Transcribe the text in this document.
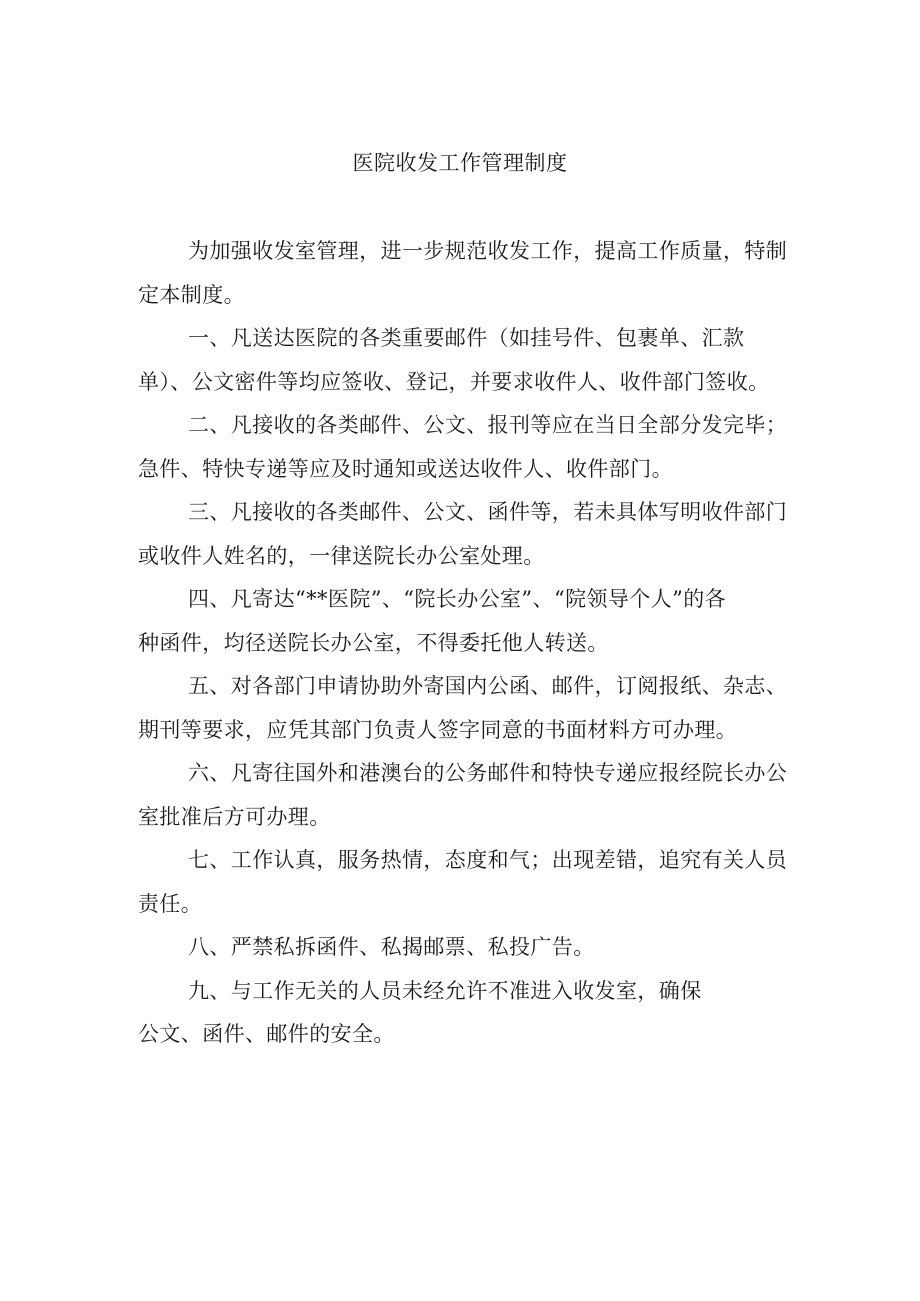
医院收发工作管理制度

为加强收发室管理，进一步规范收发工作，提高工作质量，特制
定本制度。

一、凡送达医院的各类重要邮件（如挂号件、包裹单、汇款
单）、公文密件等均应签收、登记，并要求收件人、收件部门签收。

二、凡接收的各类邮件、公文、报刊等应在当日全部分发完毕；
急件、特快专递等应及时通知或送达收件人、收件部门。

三、凡接收的各类邮件、公文、函件等，若未具体写明收件部门
或收件人姓名的，一律送院长办公室处理。

四、凡寄达“**医院”、“院长办公室”、“院领导个人”的各
种函件，均径送院长办公室，不得委托他人转送。

五、对各部门申请协助外寄国内公函、邮件，订阅报纸、杂志、
期刊等要求，应凭其部门负责人签字同意的书面材料方可办理。

六、凡寄往国外和港澳台的公务邮件和特快专递应报经院长办公
室批准后方可办理。

七、工作认真，服务热情，态度和气；出现差错，追究有关人员
责任。

八、严禁私拆函件、私揭邮票、私投广告。

九、与工作无关的人员未经允许不准进入收发室，确保
公文、函件、邮件的安全。
